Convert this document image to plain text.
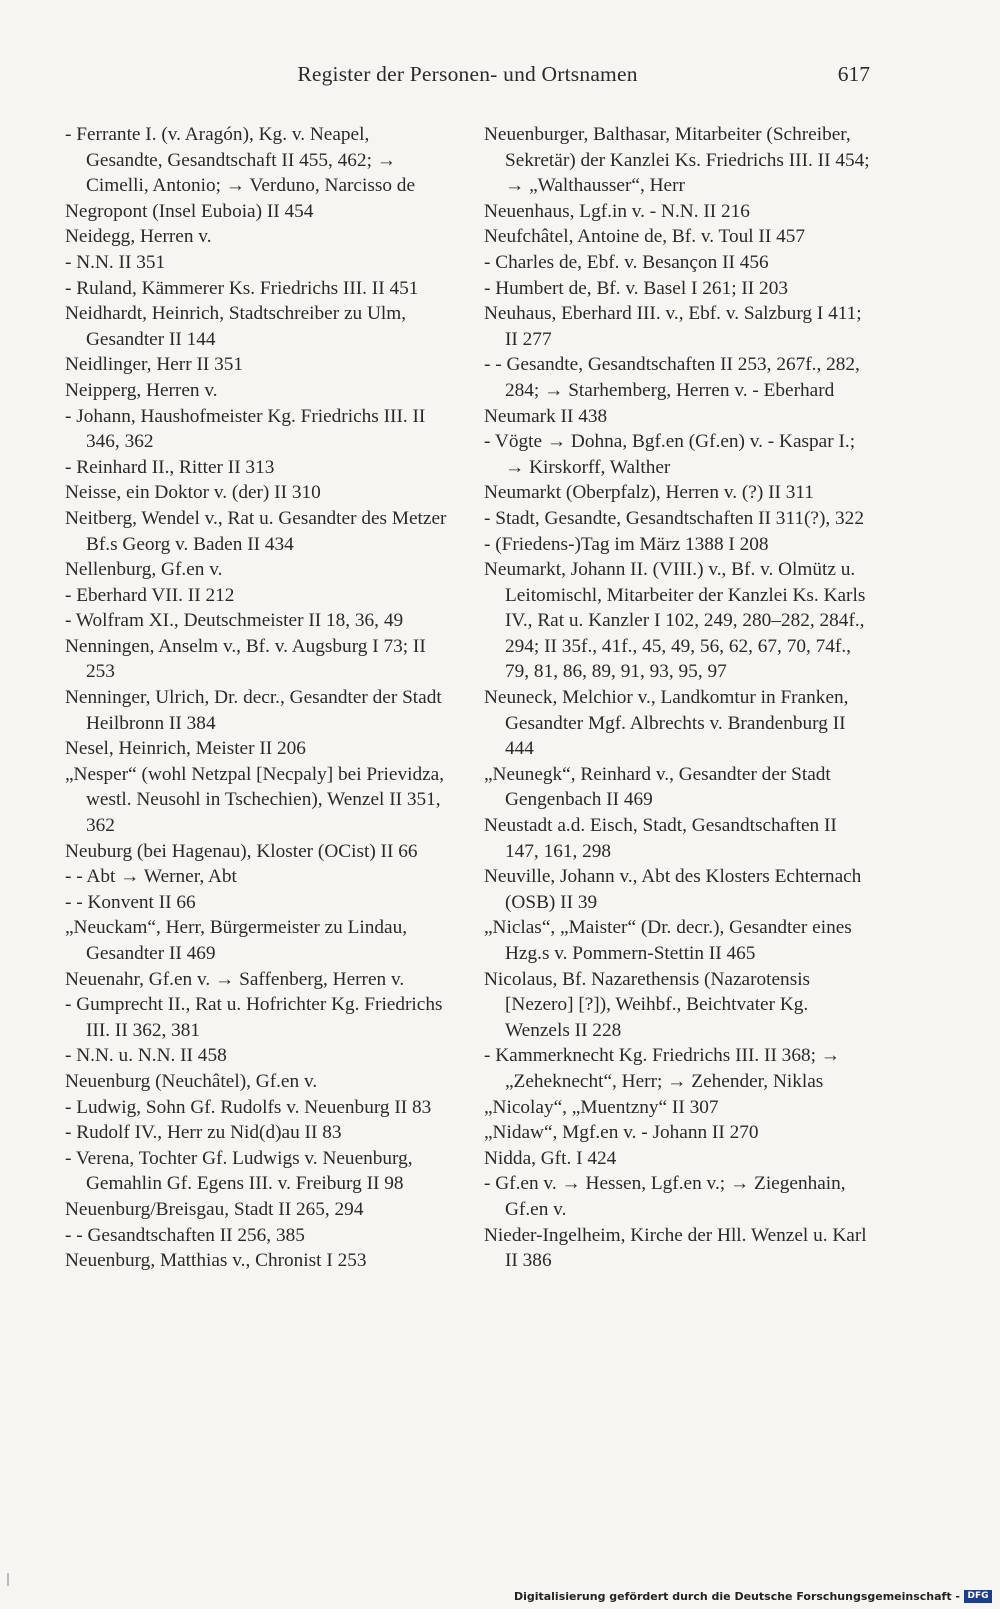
Register der Personen- und Ortsnamen	617
- Ferrante I. (v. Aragón), Kg. v. Neapel, Gesandte, Gesandtschaft II 455, 462; → Cimelli, Antonio; → Verduno, Narcisso de
Negropont (Insel Euboia) II 454
Neidegg, Herren v.
- N.N. II 351
- Ruland, Kämmerer Ks. Friedrichs III. II 451
Neidhardt, Heinrich, Stadtschreiber zu Ulm, Gesandter II 144
Neidlinger, Herr II 351
Neipperg, Herren v.
- Johann, Haushofmeister Kg. Friedrichs III. II 346, 362
- Reinhard II., Ritter II 313
Neisse, ein Doktor v. (der) II 310
Neitberg, Wendel v., Rat u. Gesandter des Metzer Bf.s Georg v. Baden II 434
Nellenburg, Gf.en v.
- Eberhard VII. II 212
- Wolfram XI., Deutschmeister II 18, 36, 49
Nenningen, Anselm v., Bf. v. Augsburg I 73; II 253
Nenninger, Ulrich, Dr. decr., Gesandter der Stadt Heilbronn II 384
Nesel, Heinrich, Meister II 206
„Nesper“ (wohl Netzpal [Necpaly] bei Prievidza, westl. Neusohl in Tschechien), Wenzel II 351, 362
Neuburg (bei Hagenau), Kloster (OCist) II 66
- - Abt → Werner, Abt
- - Konvent II 66
„Neuckam“, Herr, Bürgermeister zu Lindau, Gesandter II 469
Neuenahr, Gf.en v. → Saffenberg, Herren v.
- Gumprecht II., Rat u. Hofrichter Kg. Friedrichs III. II 362, 381
- N.N. u. N.N. II 458
Neuenburg (Neuchâtel), Gf.en v.
- Ludwig, Sohn Gf. Rudolfs v. Neuenburg II 83
- Rudolf IV., Herr zu Nid(d)au II 83
- Verena, Tochter Gf. Ludwigs v. Neuenburg, Gemahlin Gf. Egens III. v. Freiburg II 98
Neuenburg/Breisgau, Stadt II 265, 294
- - Gesandtschaften II 256, 385
Neuenburg, Matthias v., Chronist I 253
Neuenburger, Balthasar, Mitarbeiter (Schreiber, Sekretär) der Kanzlei Ks. Friedrichs III. II 454; → „Walthausser“, Herr
Neuenhaus, Lgf.in v. - N.N. II 216
Neufchâtel, Antoine de, Bf. v. Toul II 457
- Charles de, Ebf. v. Besançon II 456
- Humbert de, Bf. v. Basel I 261; II 203
Neuhaus, Eberhard III. v., Ebf. v. Salzburg I 411; II 277
- - Gesandte, Gesandtschaften II 253, 267f., 282, 284; → Starhemberg, Herren v. - Eberhard
Neumark II 438
- Vögte → Dohna, Bgf.en (Gf.en) v. - Kaspar I.; → Kirskorff, Walther
Neumarkt (Oberpfalz), Herren v. (?) II 311
- Stadt, Gesandte, Gesandtschaften II 311(?), 322
- (Friedens-)Tag im März 1388 I 208
Neumarkt, Johann II. (VIII.) v., Bf. v. Olmütz u. Leitomischl, Mitarbeiter der Kanzlei Ks. Karls IV., Rat u. Kanzler I 102, 249, 280–282, 284f., 294; II 35f., 41f., 45, 49, 56, 62, 67, 70, 74f., 79, 81, 86, 89, 91, 93, 95, 97
Neuneck, Melchior v., Landkomtur in Franken, Gesandter Mgf. Albrechts v. Brandenburg II 444
„Neunegk“, Reinhard v., Gesandter der Stadt Gengenbach II 469
Neustadt a.d. Eisch, Stadt, Gesandtschaften II 147, 161, 298
Neuville, Johann v., Abt des Klosters Echternach (OSB) II 39
„Niclas“, „Maister“ (Dr. decr.), Gesandter eines Hzg.s v. Pommern-Stettin II 465
Nicolaus, Bf. Nazarethensis (Nazarotensis [Nezero] [?]), Weihbf., Beichtvater Kg. Wenzels II 228
- Kammerknecht Kg. Friedrichs III. II 368; → „Zeheknecht“, Herr; → Zehender, Niklas
„Nicolay“, „Muentzny“ II 307
„Nidaw“, Mgf.en v. - Johann II 270
Nidda, Gft. I 424
- Gf.en v. → Hessen, Lgf.en v.; → Ziegenhain, Gf.en v.
Nieder-Ingelheim, Kirche der Hll. Wenzel u. Karl II 386
Digitalisierung gefördert durch die Deutsche Forschungsgemeinschaft - DFG
